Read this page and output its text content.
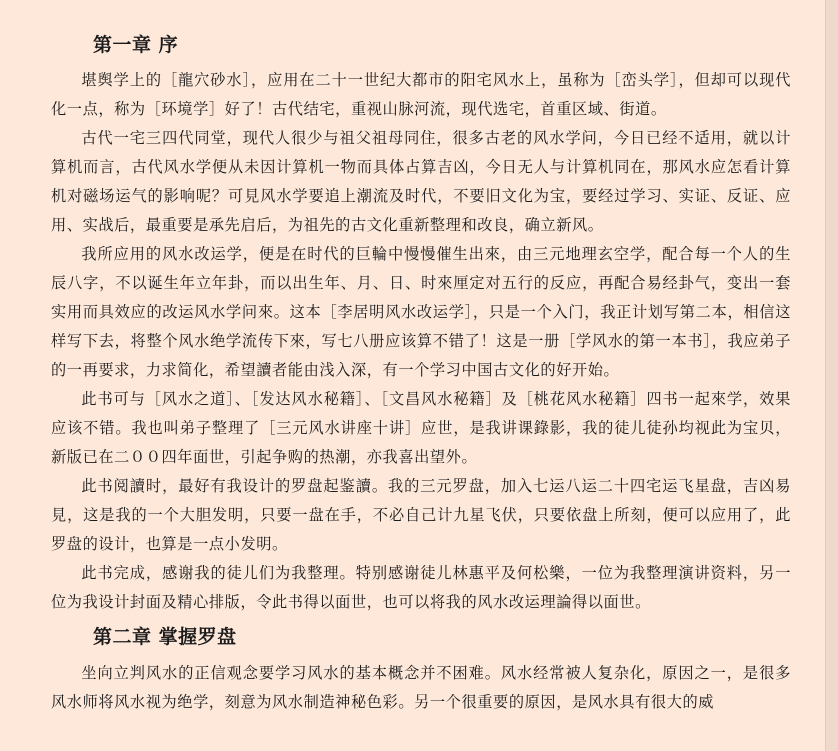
第一章 序

堪舆学上的［龍穴砂水］，应用在二十一世纪大都市的阳宅风水上，虽称为［峦头学］，但却可以现代化一点，称为［环境学］好了！古代结宅，重视山脉河流，现代选宅，首重区域、街道。

古代一宅三四代同堂，现代人很少与祖父祖母同住，很多古老的风水学问，今日已经不适用，就以计算机而言，古代风水学便从未因计算机一物而具体占算吉凶，今日无人与计算机同在，那风水应怎看计算机对磁场运气的影响呢？可見风水学要追上潮流及时代，不要旧文化为宝，要经过学习、实证、反证、应用、实战后，最重要是承先启后，为祖先的古文化重新整理和改良，确立新风。

我所应用的风水改运学，便是在时代的巨輪中慢慢催生出來，由三元地理玄空学，配合每一个人的生辰八字，不以诞生年立年卦，而以出生年、月、日、时來厘定对五行的反应，再配合易经卦气，变出一套实用而具效应的改运风水学问來。这本［李居明风水改运学］，只是一个入门，我正计划写第二本，相信这样写下去，将整个风水绝学流传下來，写七八册应该算不错了！这是一册［学风水的第一本书］，我应弟子的一再要求，力求简化，希望讀者能由浅入深，有一个学习中国古文化的好开始。

此书可与［风水之道］、［发达风水秘籍］、［文昌风水秘籍］及［桃花风水秘籍］四书一起來学，效果应该不错。我也叫弟子整理了［三元风水讲座十讲］应世，是我讲课錄影，我的徒儿徒孙均视此为宝贝，新版已在二００四年面世，引起争购的热潮，亦我喜出望外。

此书阅讀时，最好有我设计的罗盘起鉴讀。我的三元罗盘，加入七运八运二十四宅运飞星盘，吉凶易見，这是我的一个大胆发明，只要一盘在手，不必自己计九星飞伏，只要依盘上所刻，便可以应用了，此罗盘的设计，也算是一点小发明。

此书完成，感谢我的徒儿们为我整理。特别感谢徒儿林惠平及何松樂，一位为我整理演讲资料，另一位为我设计封面及精心排版，令此书得以面世，也可以将我的风水改运理論得以面世。

第二章 掌握罗盘

坐向立判风水的正信观念要学习风水的基本概念并不困难。风水经常被人复杂化，原因之一，是很多风水师将风水视为绝学，刻意为风水制造神秘色彩。另一个很重要的原因，是风水具有很大的威
